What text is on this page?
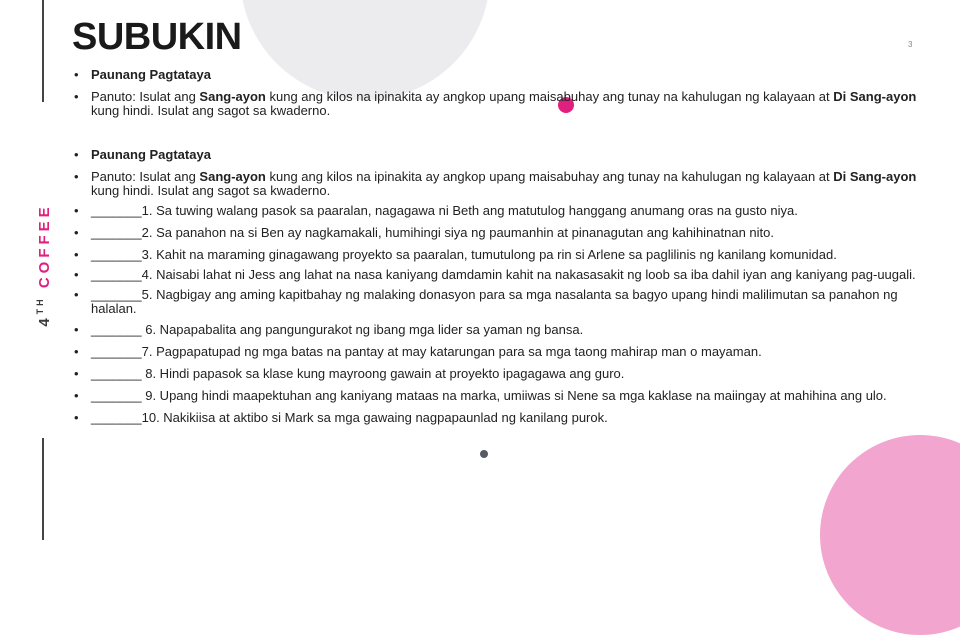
4TH COFFEE
SUBUKIN	3
• Paunang Pagtataya
• Panuto: Isulat ang Sang-ayon kung ang kilos na ipinakita ay angkop upang maisabuhay ang tunay na kahulugan ng kalayaan at Di Sang-ayon kung hindi. Isulat ang sagot sa kwaderno.
• Paunang Pagtataya
• Panuto: Isulat ang Sang-ayon kung ang kilos na ipinakita ay angkop upang maisabuhay ang tunay na kahulugan ng kalayaan at Di Sang-ayon kung hindi. Isulat ang sagot sa kwaderno.
• _______1. Sa tuwing walang pasok sa paaralan, nagagawa ni Beth ang matutulog hanggang anumang oras na gusto niya.
• _______2. Sa panahon na si Ben ay nagkamakali, humihingi siya ng paumanhin at pinanagutan ang kahihinatnan nito.
• _______3. Kahit na maraming ginagawang proyekto sa paaralan, tumutulong pa rin si Arlene sa paglilinis ng kanilang komunidad.
• _______4. Naisabi lahat ni Jess ang lahat na nasa kaniyang damdamin kahit na nakasasakit ng loob sa iba dahil iyan ang kaniyang pag-uugali.
• _______5. Nagbigay ang aming kapitbahay ng malaking donasyon para sa mga nasalanta sa bagyo upang hindi malilimutan sa panahon ng halalan.
• _______ 6. Napapabalita ang pangungurakot ng ibang mga lider sa yaman ng bansa.
• _______7. Pagpapatupad ng mga batas na pantay at may katarungan para sa mga taong mahirap man o mayaman.
• _______ 8. Hindi papasok sa klase kung mayroong gawain at proyekto ipagagawa ang guro.
• _______ 9. Upang hindi maapektuhan ang kaniyang mataas na marka, umiiwas si Nene sa mga kaklase na maiingay at mahihina ang ulo.
• _______10. Nakikiisa at aktibo si Mark sa mga gawaing nagpapaunlad ng kanilang purok.
